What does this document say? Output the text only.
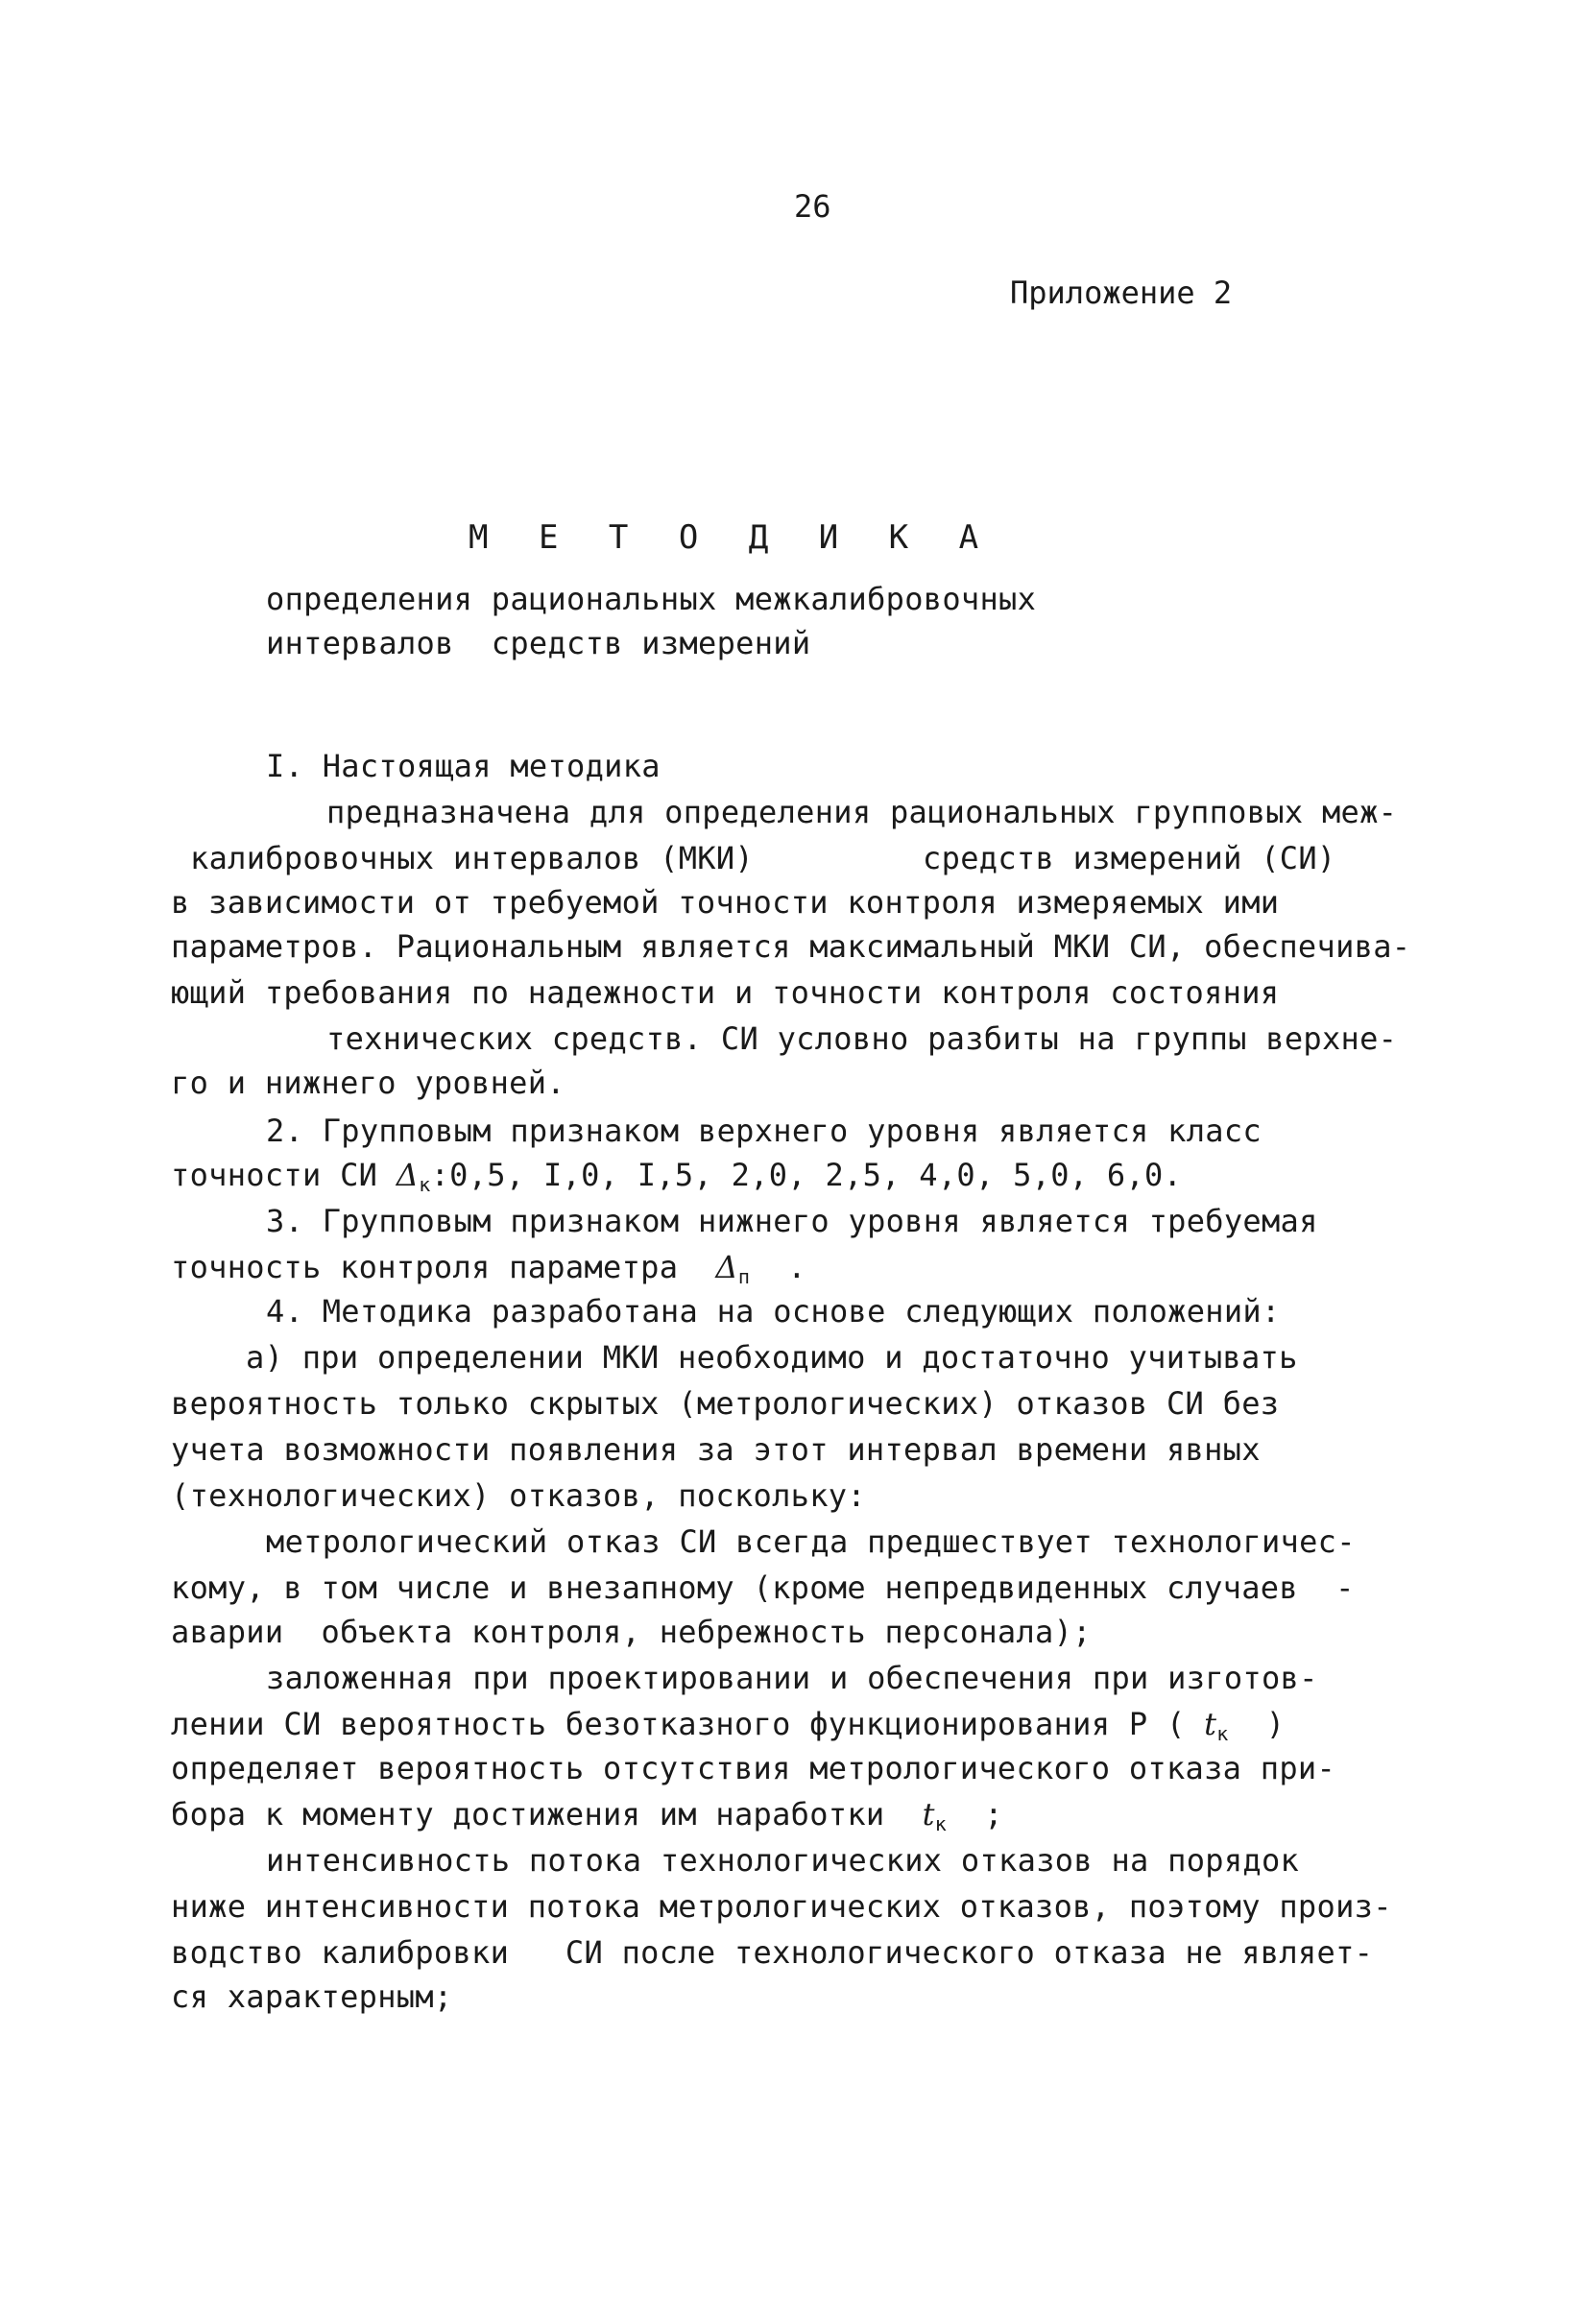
26
Приложение 2
М Е Т О Д И К А
определения рациональных межкалибровочных
интервалов  средств измерений
I. Настоящая методика
предназначена для определения рациональных групповых меж-
калибровочных интервалов (МКИ)         средств измерений (СИ)
в зависимости от требуемой точности контроля измеряемых ими
параметров. Рациональным является максимальный МКИ СИ, обеспечива-
ющий требования по надежности и точности контроля состояния
технических средств. СИ условно разбиты на группы верхне-
го и нижнего уровней.
2. Групповым признаком верхнего уровня является класс
точности СИ $\Delta_к:0,5$, I,0, I,5, 2,0, 2,5, 4,0, 5,0, 6,0.
3. Групповым признаком нижнего уровня является требуемая
точность контроля параметра  $\Delta_п$  .
4. Методика разработана на основе следующих положений:
а) при определении МКИ необходимо и достаточно учитывать
вероятность только скрытых (метрологических) отказов СИ без
учета возможности появления за этот интервал времени явных
(технологических) отказов, поскольку:
метрологический отказ СИ всегда предшествует технологичес-
кому, в том числе и внезапному (кроме непредвиденных случаев  -
аварии  объекта контроля, небрежность персонала);
заложенная при проектировании и обеспечения при изготов-
лении СИ вероятность безотказного функционирования Р ( $t_к$  )
определяет вероятность отсутствия метрологического отказа при-
бора к моменту достижения им наработки  $t_к$  ;
интенсивность потока технологических отказов на порядок
ниже интенсивности потока метрологических отказов, поэтому произ-
водство калибровки   СИ после технологического отказа не являет-
ся характерным;
